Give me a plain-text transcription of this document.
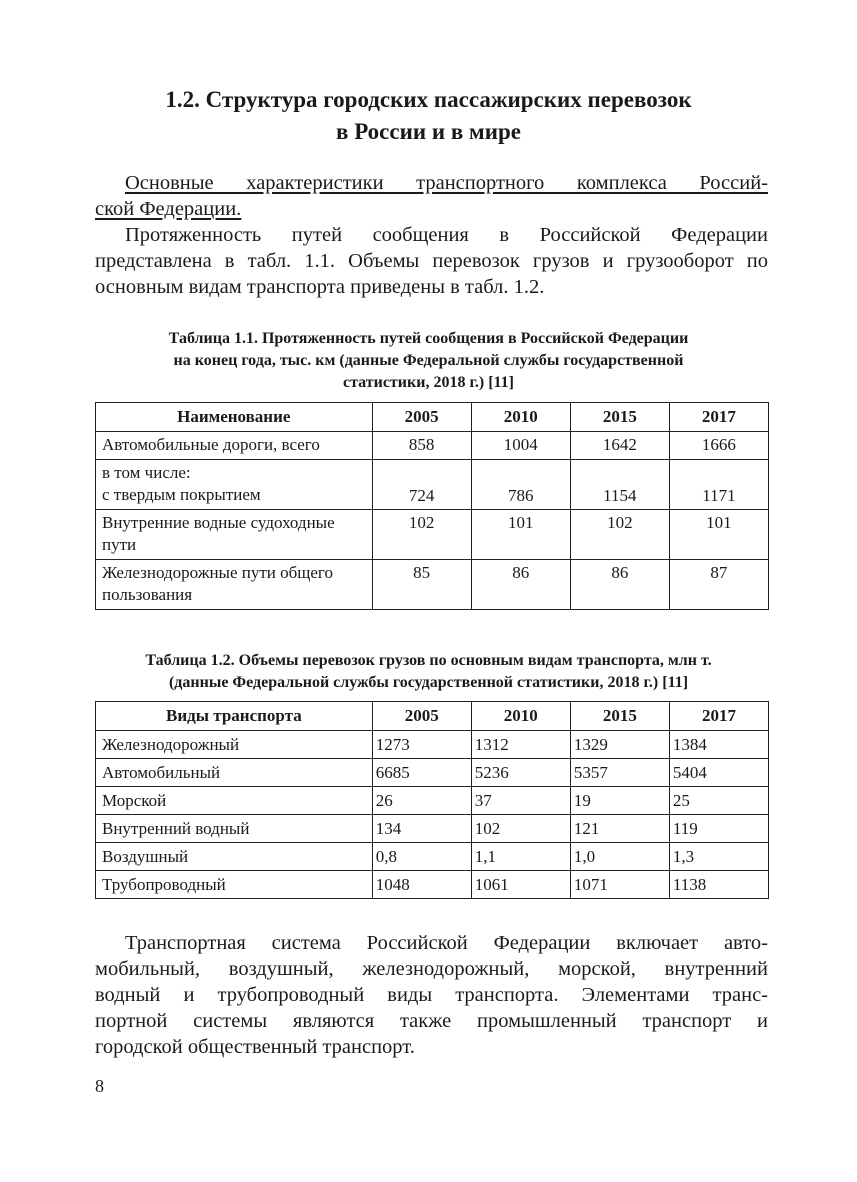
1.2. Структура городских пассажирских перевозок
в России и в мире
Основные характеристики транспортного комплекса Россий-
ской Федерации.
Протяженность путей сообщения в Российской Федерации
представлена в табл. 1.1. Объемы перевозок грузов и грузооборот по
основным видам транспорта приведены в табл. 1.2.
Таблица 1.1. Протяженность путей сообщения в Российской Федерации
на конец года, тыс. км (данные Федеральной службы государственной
статистики, 2018 г.) [11]
Наименование	2005	2010	2015	2017
Автомобильные дороги, всего	858	1004	1642	1666
в том числе:
с твердым покрытием	724	786	1154	1171
Внутренние водные судоходные пути	102	101	102	101
Железнодорожные пути общего пользования	85	86	86	87
Таблица 1.2. Объемы перевозок грузов по основным видам транспорта, млн т.
(данные Федеральной службы государственной статистики, 2018 г.) [11]
Виды транспорта	2005	2010	2015	2017
Железнодорожный	1273	1312	1329	1384
Автомобильный	6685	5236	5357	5404
Морской	26	37	19	25
Внутренний водный	134	102	121	119
Воздушный	0,8	1,1	1,0	1,3
Трубопроводный	1048	1061	1071	1138
Транспортная система Российской Федерации включает авто-
мобильный, воздушный, железнодорожный, морской, внутренний
водный и трубопроводный виды транспорта. Элементами транс-
портной системы являются также промышленный транспорт и
городской общественный транспорт.
8
